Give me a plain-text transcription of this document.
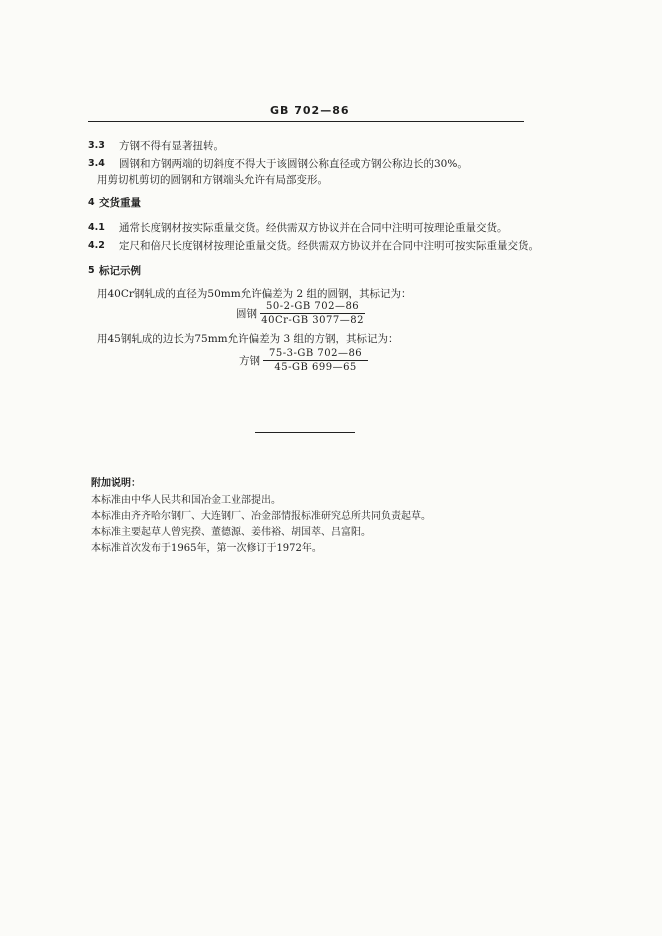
GB 702—86
3.3 方钢不得有显著扭转。
3.4 圆钢和方钢两端的切斜度不得大于该圆钢公称直径或方钢公称边长的30%。
用剪切机剪切的圆钢和方钢端头允许有局部变形。
4 交货重量
4.1 通常长度钢材按实际重量交货。经供需双方协议并在合同中注明可按理论重量交货。
4.2 定尺和倍尺长度钢材按理论重量交货。经供需双方协议并在合同中注明可按实际重量交货。
5 标记示例
用40Cr钢轧成的直径为50mm允许偏差为 2 组的圆钢，其标记为：
圆钢 $\frac{50-2-GB 702—86}{40Cr-GB 3077—82}$
用45钢轧成的边长为75mm允许偏差为 3 组的方钢，其标记为：
方钢 $\frac{75-3-GB 702—86}{45-GB 699—65}$
附加说明：
本标准由中华人民共和国冶金工业部提出。
本标准由齐齐哈尔钢厂、大连钢厂、冶金部情报标准研究总所共同负责起草。
本标准主要起草人曾宪揆、董德源、姜伟裕、胡国萃、吕富阳。
本标准首次发布于1965年，第一次修订于1972年。
